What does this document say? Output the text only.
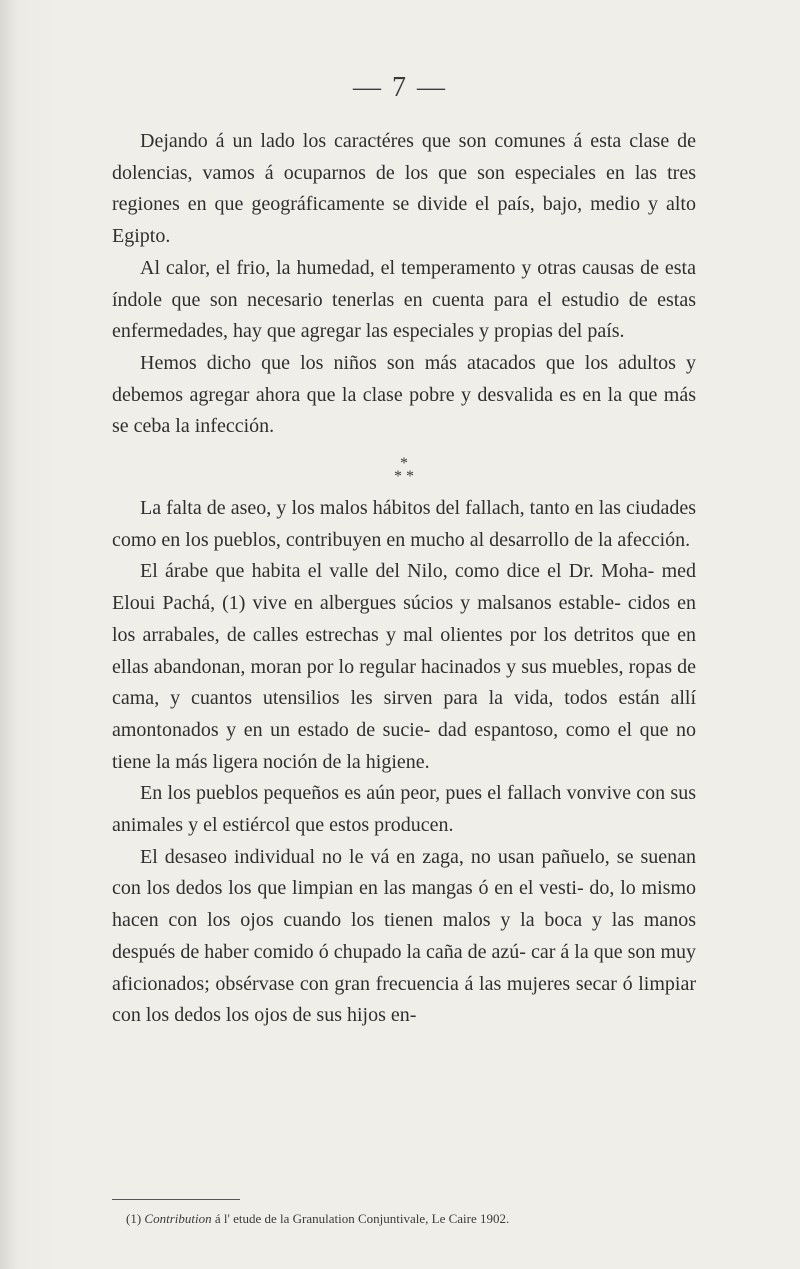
— 7 —

Dejando á un lado los caractéres que son comunes á esta clase de dolencias, vamos á ocuparnos de los que son especiales en las tres regiones en que geográficamente se divide el país, bajo, medio y alto Egipto.

Al calor, el frio, la humedad, el temperamento y otras causas de esta índole que son necesario tenerlas en cuenta para el estudio de estas enfermedades, hay que agregar las especiales y propias del país.

Hemos dicho que los niños son más atacados que los adultos y debemos agregar ahora que la clase pobre y desvalida es en la que más se ceba la infección.

*
* *

La falta de aseo, y los malos hábitos del fallach, tanto en las ciudades como en los pueblos, contribuyen en mucho al desarrollo de la afección.

El árabe que habita el valle del Nilo, como dice el Dr. Moha- med Eloui Pachá, (1) vive en albergues súcios y malsanos estable- cidos en los arrabales, de calles estrechas y mal olientes por los detritos que en ellas abandonan, moran por lo regular hacinados y sus muebles, ropas de cama, y cuantos utensilios les sirven para la vida, todos están allí amontonados y en un estado de sucie- dad espantoso, como el que no tiene la más ligera noción de la higiene.

En los pueblos pequeños es aún peor, pues el fallach vonvive con sus animales y el estiércol que estos producen.

El desaseo individual no le vá en zaga, no usan pañuelo, se suenan con los dedos los que limpian en las mangas ó en el vesti- do, lo mismo hacen con los ojos cuando los tienen malos y la boca y las manos después de haber comido ó chupado la caña de azú- car á la que son muy aficionados; obsérvase con gran frecuencia á las mujeres secar ó limpiar con los dedos los ojos de sus hijos en-

(1) Contribution á l' etude de la Granulation Conjuntivale, Le Caire 1902.
